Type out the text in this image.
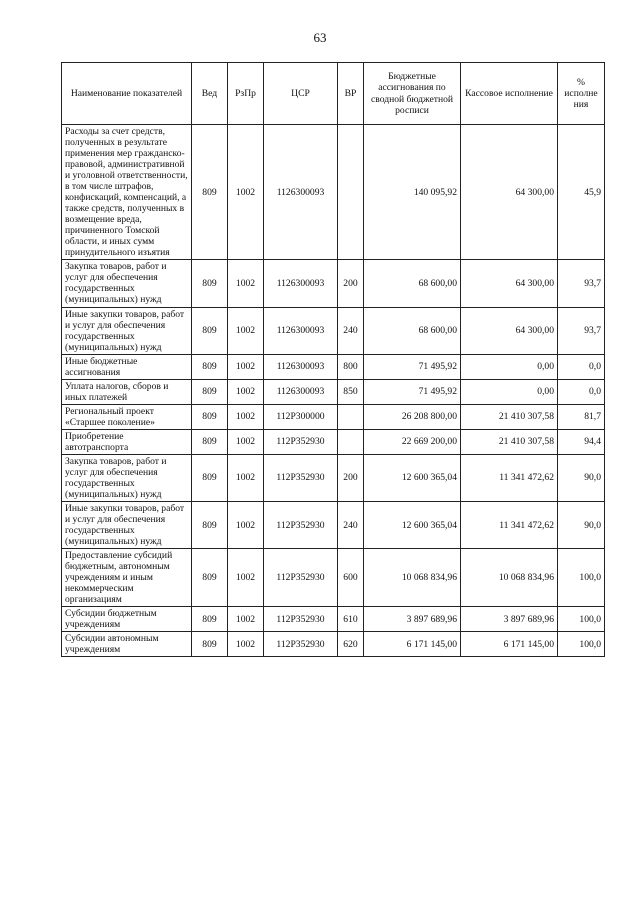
63
Наименование показателей	Вед	РзПр	ЦСР	ВР	Бюджетные ассигнования по сводной бюджетной росписи	Кассовое исполнение	% исполне ния
Расходы за счет средств, полученных в результате применения мер гражданско-правовой, административной и уголовной ответственности, в том числе штрафов, конфискаций, компенсаций, а также средств, полученных в возмещение вреда, причиненного Томской области, и иных сумм принудительного изъятия	809	1002	1126300093		140 095,92	64 300,00	45,9
Закупка товаров, работ и услуг для обеспечения государственных (муниципальных) нужд	809	1002	1126300093	200	68 600,00	64 300,00	93,7
Иные закупки товаров, работ и услуг для обеспечения государственных (муниципальных) нужд	809	1002	1126300093	240	68 600,00	64 300,00	93,7
Иные бюджетные ассигнования	809	1002	1126300093	800	71 495,92	0,00	0,0
Уплата налогов, сборов и иных платежей	809	1002	1126300093	850	71 495,92	0,00	0,0
Региональный проект «Старшее поколение»	809	1002	112P300000		26 208 800,00	21 410 307,58	81,7
Приобретение автотранспорта	809	1002	112P352930		22 669 200,00	21 410 307,58	94,4
Закупка товаров, работ и услуг для обеспечения государственных (муниципальных) нужд	809	1002	112P352930	200	12 600 365,04	11 341 472,62	90,0
Иные закупки товаров, работ и услуг для обеспечения государственных (муниципальных) нужд	809	1002	112P352930	240	12 600 365,04	11 341 472,62	90,0
Предоставление субсидий бюджетным, автономным учреждениям и иным некоммерческим организациям	809	1002	112P352930	600	10 068 834,96	10 068 834,96	100,0
Субсидии бюджетным учреждениям	809	1002	112P352930	610	3 897 689,96	3 897 689,96	100,0
Субсидии автономным учреждениям	809	1002	112P352930	620	6 171 145,00	6 171 145,00	100,0
